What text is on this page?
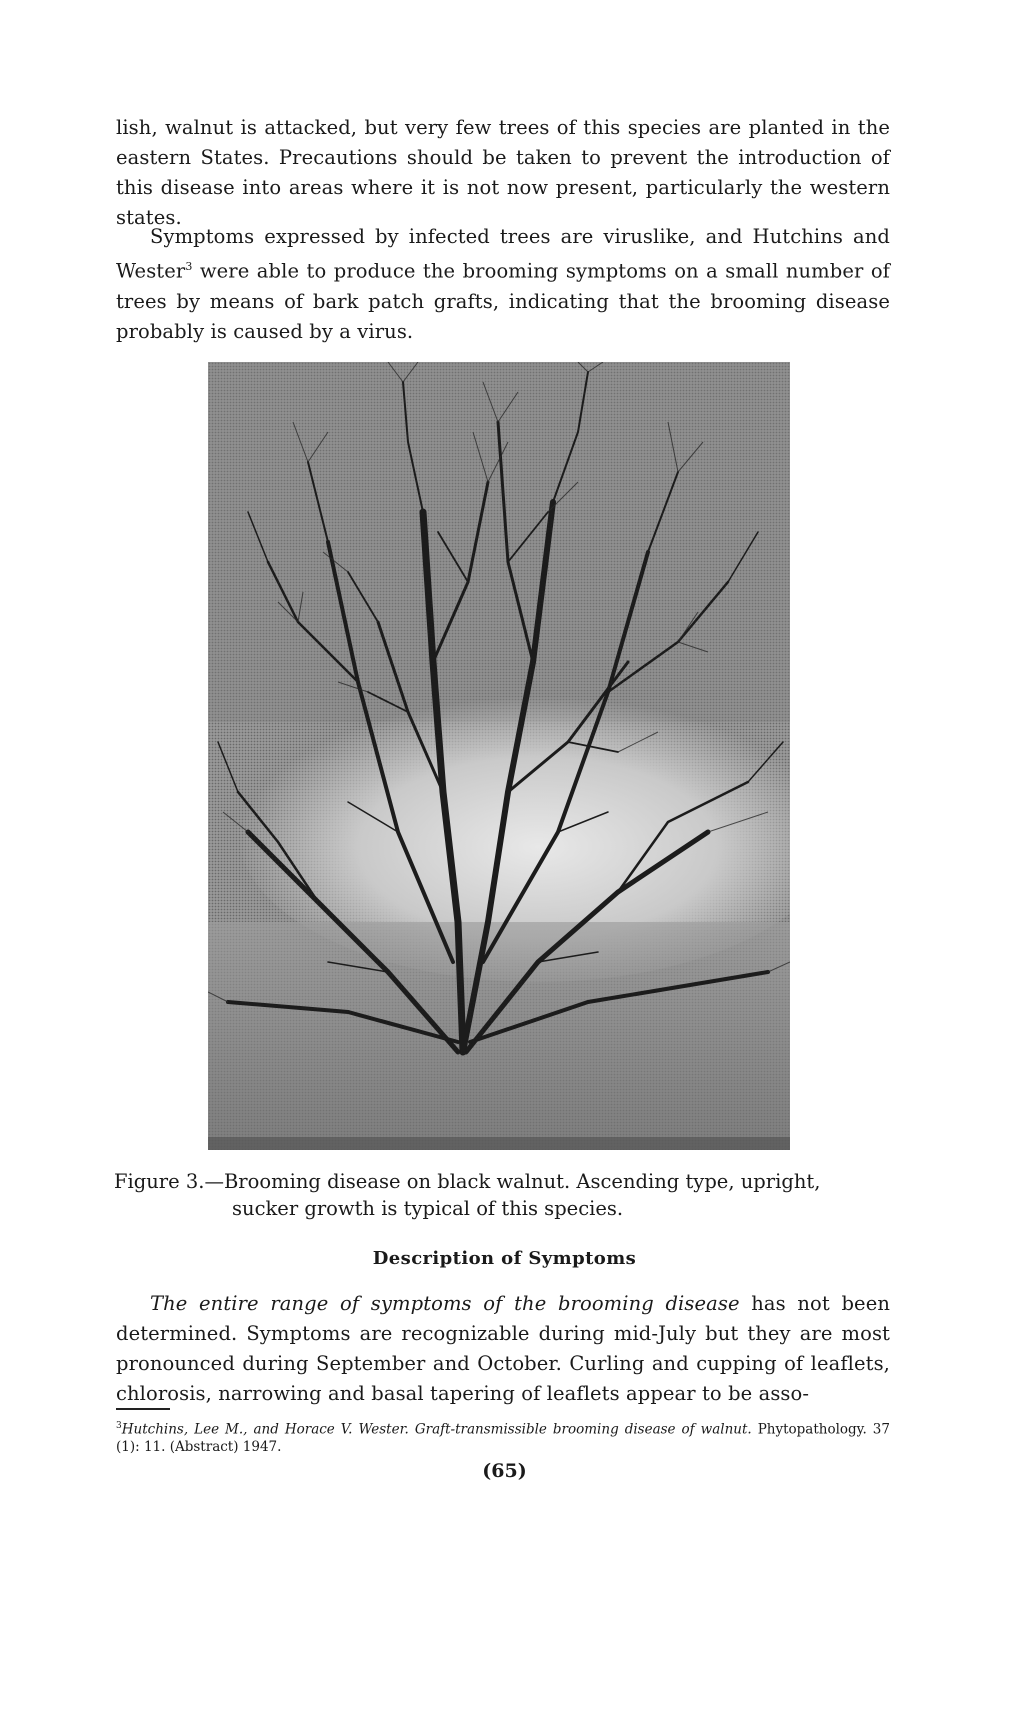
lish, walnut is attacked, but very few trees of this species are planted in the eastern States. Precautions should be taken to prevent the introduction of this disease into areas where it is not now present, particularly the western states.

Symptoms expressed by infected trees are viruslike, and Hutchins and Wester$^3$ were able to produce the brooming symptoms on a small number of trees by means of bark patch grafts, indicating that the brooming disease probably is caused by a virus.

Figure 3.—Brooming disease on black walnut. Ascending type, upright,
sucker growth is typical of this species.
Description of Symptoms

The entire range of symptoms of the brooming disease has not been determined. Symptoms are recognizable during mid-July but they are most pronounced during September and October. Curling and cupping of leaflets, chlorosis, narrowing and basal tapering of leaflets appear to be asso-

$^3$Hutchins, Lee M., and Horace V. Wester. Graft-transmissible brooming disease of walnut. Phytopathology. 37 (1): 11. (Abstract) 1947.
(65)
